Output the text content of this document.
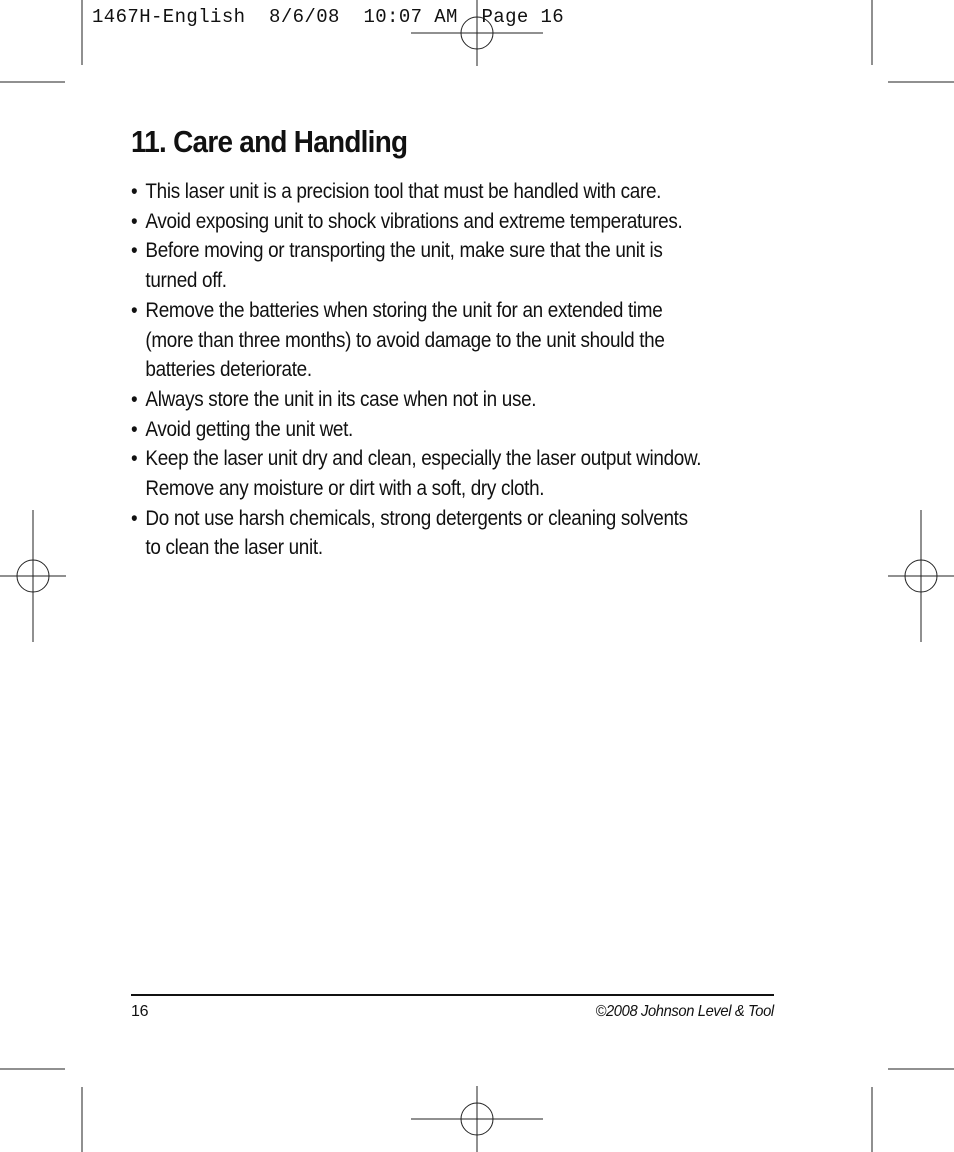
1467H-English  8/6/08  10:07 AM  Page 16
11. Care and Handling
• This laser unit is a precision tool that must be handled with care.
• Avoid exposing unit to shock vibrations and extreme temperatures.
• Before moving or transporting the unit, make sure that the unit is
turned off.
• Remove the batteries when storing the unit for an extended time
(more than three months) to avoid damage to the unit should the
batteries deteriorate.
• Always store the unit in its case when not in use.
• Avoid getting the unit wet.
• Keep the laser unit dry and clean, especially the laser output window.
Remove any moisture or dirt with a soft, dry cloth.
• Do not use harsh chemicals, strong detergents or cleaning solvents
to clean the laser unit.
16	©2008 Johnson Level & Tool
